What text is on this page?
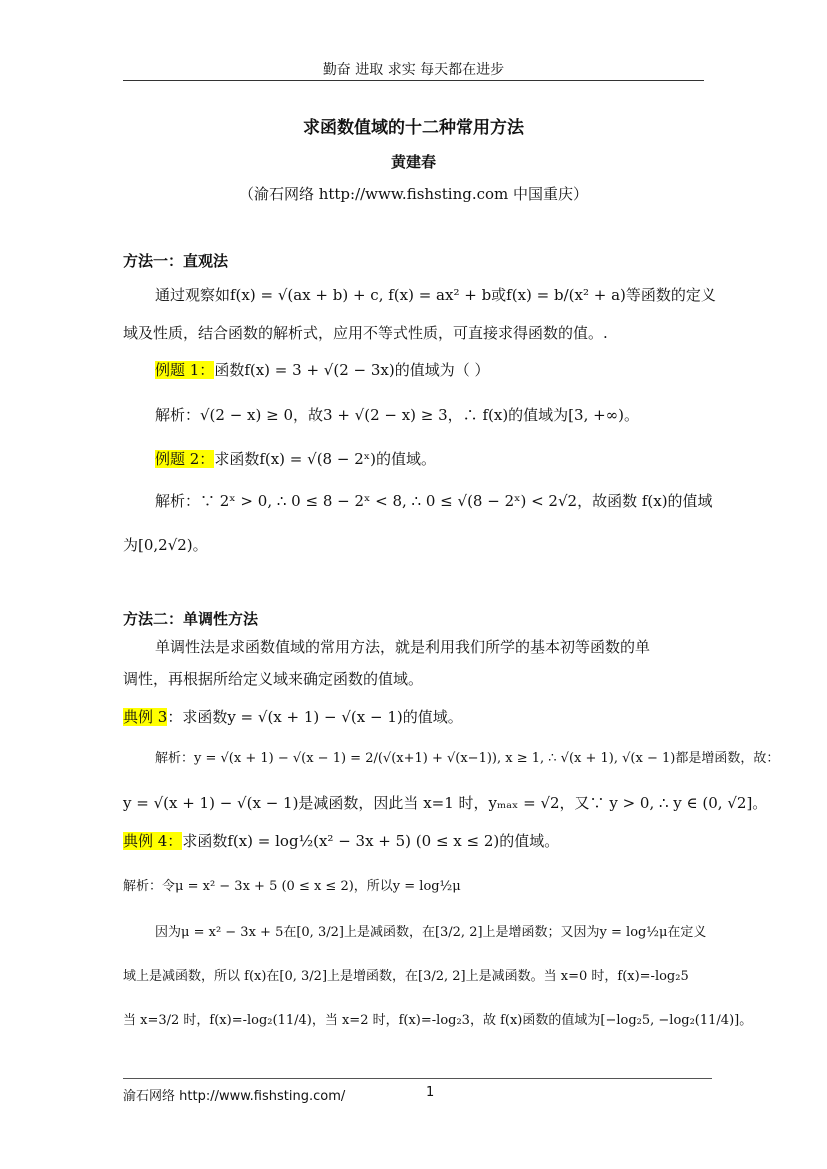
勤奋 进取 求实 每天都在进步
求函数值域的十二种常用方法
黄建春
（渝石网络 http://www.fishsting.com 中国重庆）
方法一：直观法
通过观察如f(x) = √(ax + b) + c, f(x) = ax² + b或f(x) = b/(x² + a)等函数的定义
域及性质，结合函数的解析式，应用不等式性质，可直接求得函数的值。.
例题 1：函数f(x) = 3 + √(2 − 3x)的值域为（ ）
解析：√(2 − x) ≥ 0，故3 + √(2 − x) ≥ 3，∴ f(x)的值域为[3, +∞)。
例题 2：求函数f(x) = √(8 − 2ˣ)的值域。
解析：∵ 2ˣ > 0, ∴ 0 ≤ 8 − 2ˣ < 8, ∴ 0 ≤ √(8 − 2ˣ) < 2√2，故函数 f(x)的值域
为[0,2√2)。
方法二：单调性方法
单调性法是求函数值域的常用方法，就是利用我们所学的基本初等函数的单
调性，再根据所给定义域来确定函数的值域。
典例 3：求函数y = √(x + 1) − √(x − 1)的值域。
解析：y = √(x + 1) − √(x − 1) = 2/(√(x+1) + √(x−1)), x ≥ 1, ∴ √(x + 1), √(x − 1)都是增函数，故：
y = √(x + 1) − √(x − 1)是减函数，因此当 x=1 时，yₘₐₓ = √2，又∵ y > 0, ∴ y ∈ (0, √2]。
典例 4：求函数f(x) = log½(x² − 3x + 5) (0 ≤ x ≤ 2)的值域。
解析：令μ = x² − 3x + 5 (0 ≤ x ≤ 2)，所以y = log½μ
因为μ = x² − 3x + 5在[0, 3/2]上是减函数，在[3/2, 2]上是增函数；又因为y = log½μ在定义
域上是减函数，所以 f(x)在[0, 3/2]上是增函数，在[3/2, 2]上是减函数。当 x=0 时，f(x)=-log₂5
当 x=3/2 时，f(x)=-log₂(11/4)，当 x=2 时，f(x)=-log₂3，故 f(x)函数的值域为[−log₂5, −log₂(11/4)]。
渝石网络 http://www.fishsting.com/	1
